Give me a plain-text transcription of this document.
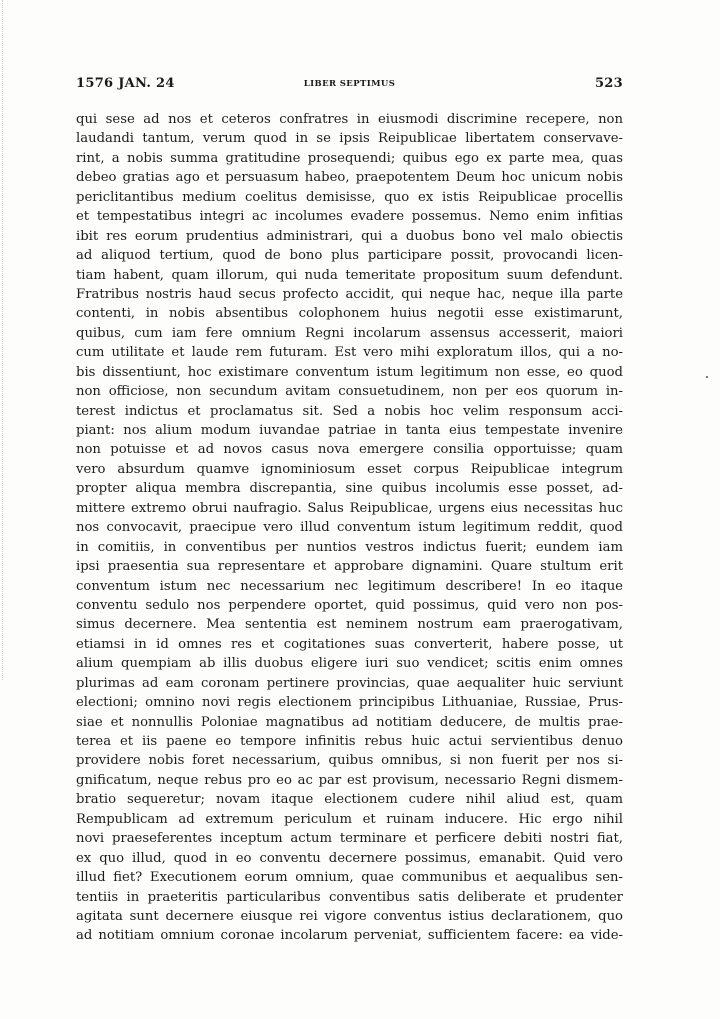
1576 JAN. 24	LIBER SEPTIMUS	523
qui sese ad nos et ceteros confratres in eiusmodi discrimine recepere, non
laudandi tantum, verum quod in se ipsis Reipublicae libertatem conservave-
rint, a nobis summa gratitudine prosequendi; quibus ego ex parte mea, quas
debeo gratias ago et persuasum habeo, praepotentem Deum hoc unicum nobis
periclitantibus medium coelitus demisisse, quo ex istis Reipublicae procellis
et tempestatibus integri ac incolumes evadere possemus. Nemo enim infitias
ibit res eorum prudentius administrari, qui a duobus bono vel malo obiectis
ad aliquod tertium, quod de bono plus participare possit, provocandi licen-
tiam habent, quam illorum, qui nuda temeritate propositum suum defendunt.
Fratribus nostris haud secus profecto accidit, qui neque hac, neque illa parte
contenti, in nobis absentibus colophonem huius negotii esse existimarunt,
quibus, cum iam fere omnium Regni incolarum assensus accesserit, maiori
cum utilitate et laude rem futuram. Est vero mihi exploratum illos, qui a no-
bis dissentiunt, hoc existimare conventum istum legitimum non esse, eo quod
non officiose, non secundum avitam consuetudinem, non per eos quorum in-
terest indictus et proclamatus sit. Sed a nobis hoc velim responsum acci-
piant: nos alium modum iuvandae patriae in tanta eius tempestate invenire
non potuisse et ad novos casus nova emergere consilia opportuisse; quam
vero absurdum quamve ignominiosum esset corpus Reipublicae integrum
propter aliqua membra discrepantia, sine quibus incolumis esse posset, ad-
mittere extremo obrui naufragio. Salus Reipublicae, urgens eius necessitas huc
nos convocavit, praecipue vero illud conventum istum legitimum reddit, quod
in comitiis, in conventibus per nuntios vestros indictus fuerit; eundem iam
ipsi praesentia sua representare et approbare dignamini. Quare stultum erit
conventum istum nec necessarium nec legitimum describere! In eo itaque
conventu sedulo nos perpendere oportet, quid possimus, quid vero non pos-
simus decernere. Mea sententia est neminem nostrum eam praerogativam,
etiamsi in id omnes res et cogitationes suas converterit, habere posse, ut
alium quempiam ab illis duobus eligere iuri suo vendicet; scitis enim omnes
plurimas ad eam coronam pertinere provincias, quae aequaliter huic serviunt
electioni; omnino novi regis electionem principibus Lithuaniae, Russiae, Prus-
siae et nonnullis Poloniae magnatibus ad notitiam deducere, de multis prae-
terea et iis paene eo tempore infinitis rebus huic actui servientibus denuo
providere nobis foret necessarium, quibus omnibus, si non fuerit per nos si-
gnificatum, neque rebus pro eo ac par est provisum, necessario Regni dismem-
bratio sequeretur; novam itaque electionem cudere nihil aliud est, quam
Rempublicam ad extremum periculum et ruinam inducere. Hic ergo nihil
novi praeseferentes inceptum actum terminare et perficere debiti nostri fiat,
ex quo illud, quod in eo conventu decernere possimus, emanabit. Quid vero
illud fiet? Executionem eorum omnium, quae communibus et aequalibus sen-
tentiis in praeteritis particularibus conventibus satis deliberate et prudenter
agitata sunt decernere eiusque rei vigore conventus istius declarationem, quo
ad notitiam omnium coronae incolarum perveniat, sufficientem facere: ea vide-
